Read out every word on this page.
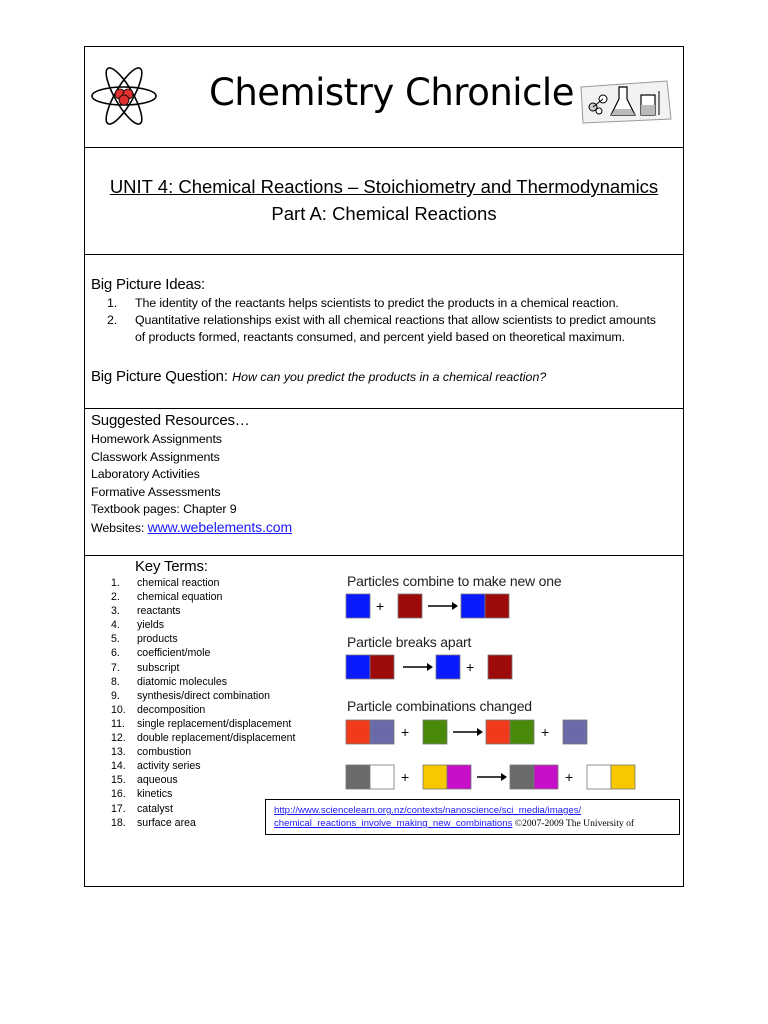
Chemistry Chronicle
UNIT 4: Chemical Reactions – Stoichiometry and Thermodynamics
Part A: Chemical Reactions
Big Picture Ideas:
1. The identity of the reactants helps scientists to predict the products in a chemical reaction.
2. Quantitative relationships exist with all chemical reactions that allow scientists to predict amounts of products formed, reactants consumed, and percent yield based on theoretical maximum.
Big Picture Question: How can you predict the products in a chemical reaction?
Suggested Resources…
Homework Assignments
Classwork Assignments
Laboratory Activities
Formative Assessments
Textbook pages: Chapter 9
Websites: www.webelements.com
Key Terms:
1. chemical reaction
2. chemical equation
3. reactants
4. yields
5. products
6. coefficient/mole
7. subscript
8. diatomic molecules
9. synthesis/direct combination
10. decomposition
11. single replacement/displacement
12. double replacement/displacement
13. combustion
14. activity series
15. aqueous
16. kinetics
17. catalyst
18. surface area
Particles combine to make new one
Particle breaks apart
Particle combinations changed
+
+
+	+
+	+
http://www.sciencelearn.org.nz/contexts/nanoscience/sci_media/images/
chemical_reactions_involve_making_new_combinations ©2007-2009 The University of
